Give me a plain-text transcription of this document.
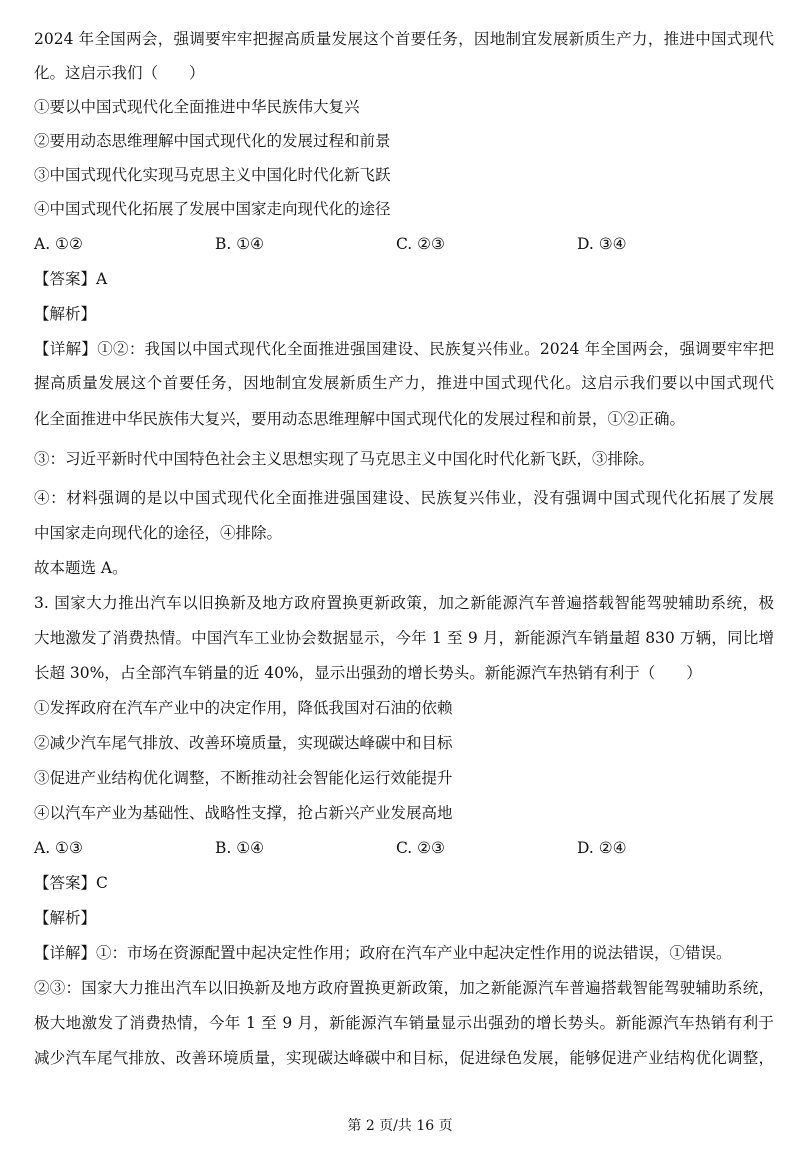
2024 年全国两会，强调要牢牢把握高质量发展这个首要任务，因地制宜发展新质生产力，推进中国式现代
化。这启示我们（　　）
①要以中国式现代化全面推进中华民族伟大复兴
②要用动态思维理解中国式现代化的发展过程和前景
③中国式现代化实现马克思主义中国化时代化新飞跃
④中国式现代化拓展了发展中国家走向现代化的途径
A. ①②	B. ①④	C. ②③	D. ③④
【答案】A
【解析】
【详解】①②：我国以中国式现代化全面推进强国建设、民族复兴伟业。2024 年全国两会，强调要牢牢把
握高质量发展这个首要任务，因地制宜发展新质生产力，推进中国式现代化。这启示我们要以中国式现代
化全面推进中华民族伟大复兴，要用动态思维理解中国式现代化的发展过程和前景，①②正确。
③：习近平新时代中国特色社会主义思想实现了马克思主义中国化时代化新飞跃，③排除。
④：材料强调的是以中国式现代化全面推进强国建设、民族复兴伟业，没有强调中国式现代化拓展了发展
中国家走向现代化的途径，④排除。
故本题选 A。
3. 国家大力推出汽车以旧换新及地方政府置换更新政策，加之新能源汽车普遍搭载智能驾驶辅助系统，极
大地激发了消费热情。中国汽车工业协会数据显示，今年 1 至 9 月，新能源汽车销量超 830 万辆，同比增
长超 30%，占全部汽车销量的近 40%，显示出强劲的增长势头。新能源汽车热销有利于（　　）
①发挥政府在汽车产业中的决定作用，降低我国对石油的依赖
②减少汽车尾气排放、改善环境质量，实现碳达峰碳中和目标
③促进产业结构优化调整，不断推动社会智能化运行效能提升
④以汽车产业为基础性、战略性支撑，抢占新兴产业发展高地
A. ①③	B. ①④	C. ②③	D. ②④
【答案】C
【解析】
【详解】①：市场在资源配置中起决定性作用；政府在汽车产业中起决定性作用的说法错误，①错误。
②③：国家大力推出汽车以旧换新及地方政府置换更新政策，加之新能源汽车普遍搭载智能驾驶辅助系统，
极大地激发了消费热情，今年 1 至 9 月，新能源汽车销量显示出强劲的增长势头。新能源汽车热销有利于
减少汽车尾气排放、改善环境质量，实现碳达峰碳中和目标，促进绿色发展，能够促进产业结构优化调整，
第 2 页/共 16 页
